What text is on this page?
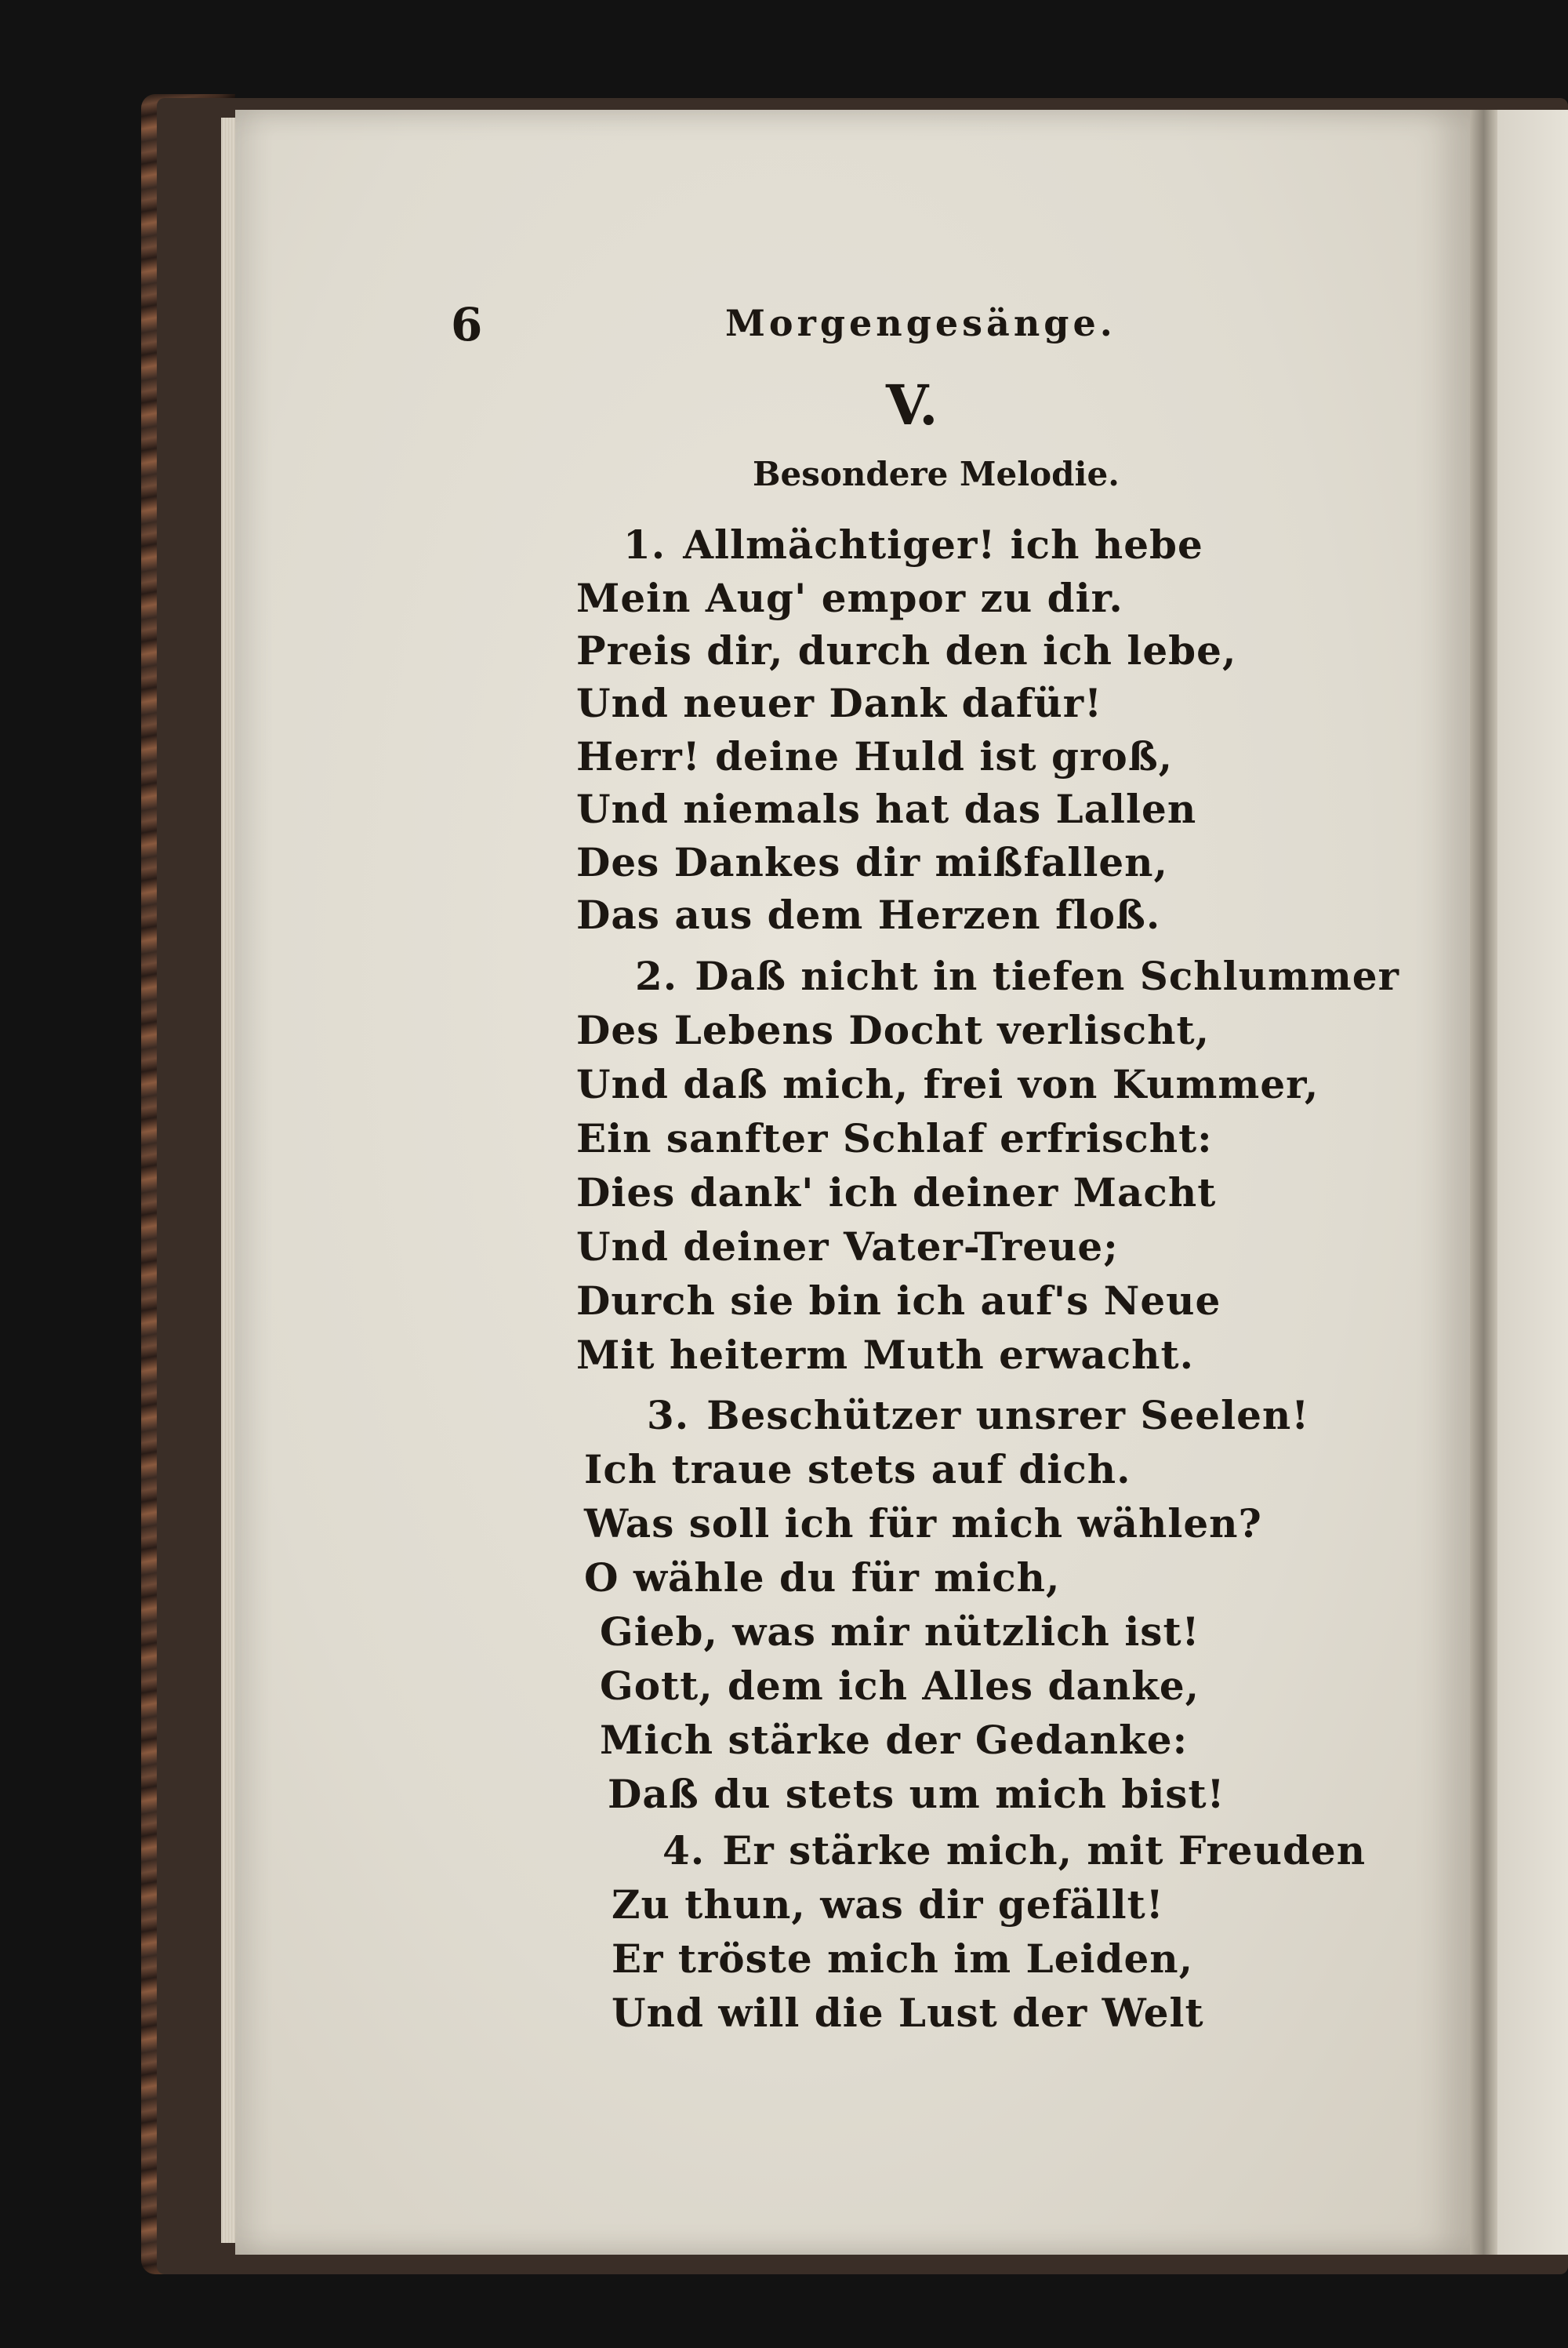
6	Morgengesänge.
V.
Besondere Melodie.
1. Allmächtiger! ich hebe
Mein Aug' empor zu dir.
Preis dir, durch den ich lebe,
Und neuer Dank dafür!
Herr! deine Huld ist groß,
Und niemals hat das Lallen
Des Dankes dir mißfallen,
Das aus dem Herzen floß.
2. Daß nicht in tiefen Schlummer
Des Lebens Docht verlischt,
Und daß mich, frei von Kummer,
Ein sanfter Schlaf erfrischt:
Dies dank' ich deiner Macht
Und deiner Vater-Treue;
Durch sie bin ich auf's Neue
Mit heiterm Muth erwacht.
3. Beschützer unsrer Seelen!
Ich traue stets auf dich.
Was soll ich für mich wählen?
O wähle du für mich,
Gieb, was mir nützlich ist!
Gott, dem ich Alles danke,
Mich stärke der Gedanke:
Daß du stets um mich bist!
4. Er stärke mich, mit Freuden
Zu thun, was dir gefällt!
Er tröste mich im Leiden,
Und will die Lust der Welt
